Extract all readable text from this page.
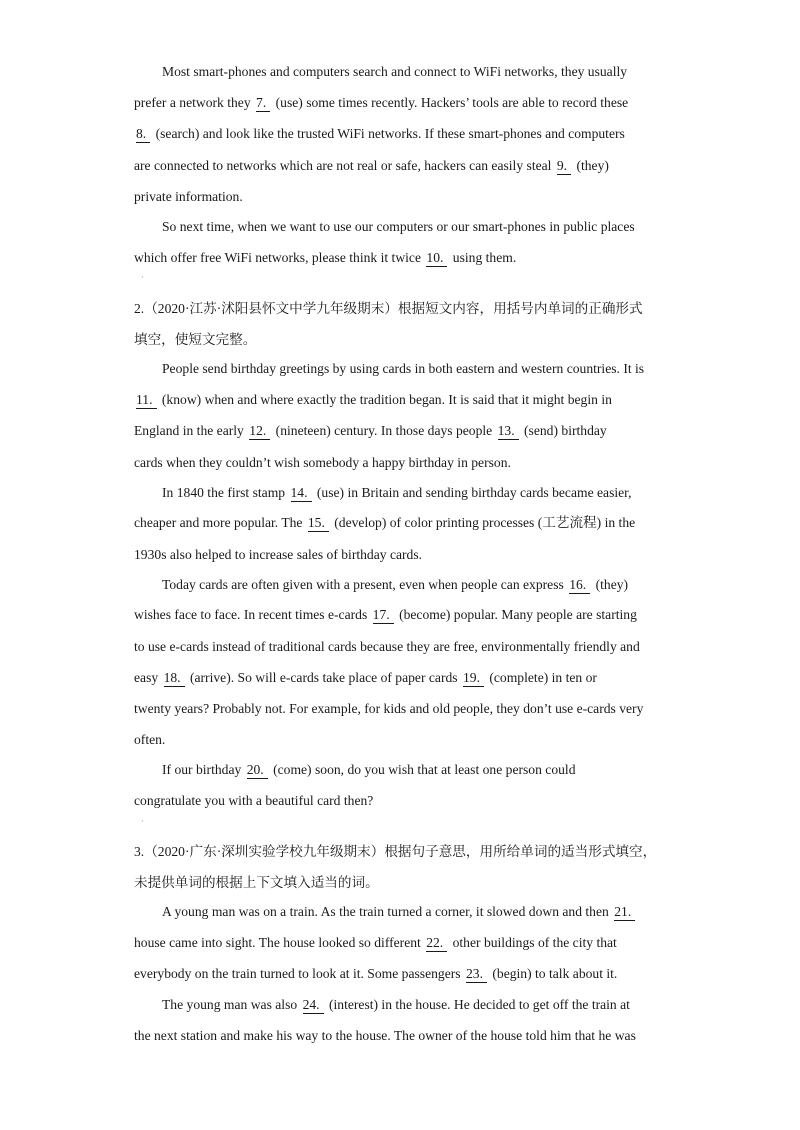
Most smart-phones and computers search and connect to WiFi networks, they usually
prefer a network they 7. (use) some times recently. Hackers’ tools are able to record these
8. (search) and look like the trusted WiFi networks. If these smart-phones and computers
are connected to networks which are not real or safe, hackers can easily steal 9. (they)
private information.
So next time, when we want to use our computers or our smart-phones in public places
which offer free WiFi networks, please think it twice 10. using them.
·
2.（2020·江苏·沭阳县怀文中学九年级期末）根据短文内容，用括号内单词的正确形式
填空，使短文完整。
People send birthday greetings by using cards in both eastern and western countries. It is
11. (know) when and where exactly the tradition began. It is said that it might begin in
England in the early 12. (nineteen) century. In those days people 13. (send) birthday
cards when they couldn’t wish somebody a happy birthday in person.
In 1840 the first stamp 14. (use) in Britain and sending birthday cards became easier,
cheaper and more popular. The 15. (develop) of color printing processes (工艺流程) in the
1930s also helped to increase sales of birthday cards.
Today cards are often given with a present, even when people can express 16. (they)
wishes face to face. In recent times e-cards 17. (become) popular. Many people are starting
to use e-cards instead of traditional cards because they are free, environmentally friendly and
easy 18. (arrive). So will e-cards take place of paper cards 19. (complete) in ten or
twenty years? Probably not. For example, for kids and old people, they don’t use e-cards very
often.
If our birthday 20. (come) soon, do you wish that at least one person could
congratulate you with a beautiful card then?
·
3.（2020·广东·深圳实验学校九年级期末）根据句子意思，用所给单词的适当形式填空，
未提供单词的根据上下文填入适当的词。
A young man was on a train. As the train turned a corner, it slowed down and then 21.
house came into sight. The house looked so different 22. other buildings of the city that
everybody on the train turned to look at it. Some passengers 23. (begin) to talk about it.
The young man was also 24. (interest) in the house. He decided to get off the train at
the next station and make his way to the house. The owner of the house told him that he was
